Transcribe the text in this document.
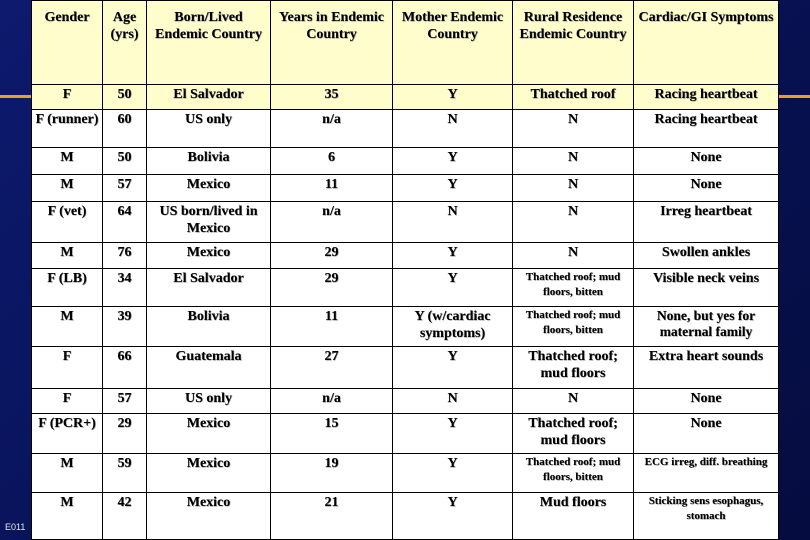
Gender	Age (yrs)	Born/Lived Endemic Country	Years in Endemic Country	Mother Endemic Country	Rural Residence Endemic Country	Cardiac/GI Symptoms
F	50	El Salvador	35	Y	Thatched roof	Racing heartbeat
F (runner)	60	US only	n/a	N	N	Racing heartbeat
M	50	Bolivia	6	Y	N	None
M	57	Mexico	11	Y	N	None
F (vet)	64	US born/lived in Mexico	n/a	N	N	Irreg heartbeat
M	76	Mexico	29	Y	N	Swollen ankles
F (LB)	34	El Salvador	29	Y	Thatched roof; mud floors, bitten	Visible neck veins
M	39	Bolivia	11	Y (w/cardiac symptoms)	Thatched roof; mud floors, bitten	None, but yes for maternal family
F	66	Guatemala	27	Y	Thatched roof; mud floors	Extra heart sounds
F	57	US only	n/a	N	N	None
F (PCR+)	29	Mexico	15	Y	Thatched roof; mud floors	None
M	59	Mexico	19	Y	Thatched roof; mud floors, bitten	ECG irreg, diff. breathing
M	42	Mexico	21	Y	Mud floors	Sticking sens esophagus, stomach
E011
